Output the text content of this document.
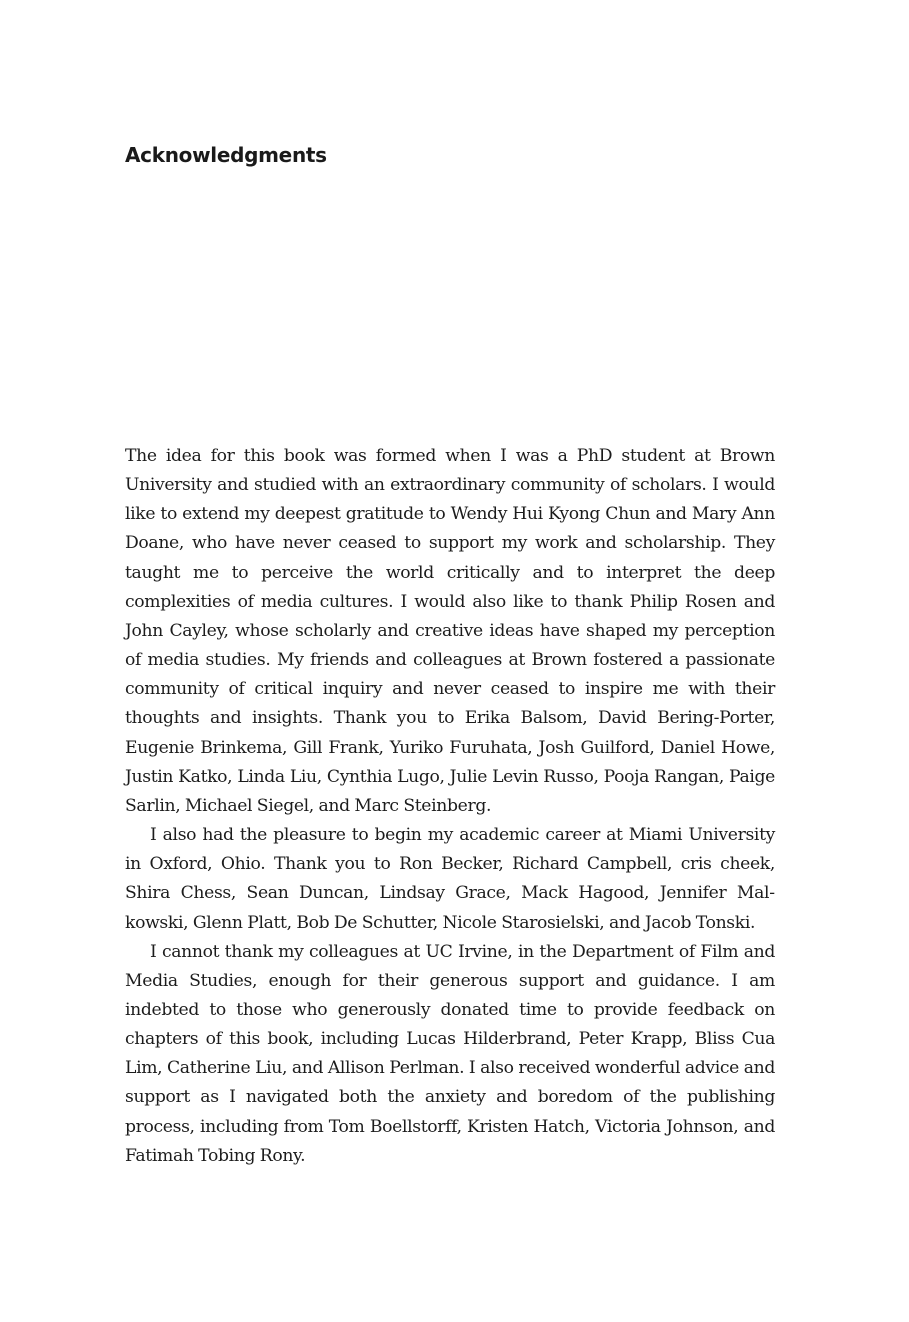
Acknowledgments

The idea for this book was formed when I was a PhD student at Brown University and studied with an extraordinary community of scholars. I would like to extend my deepest gratitude to Wendy Hui Kyong Chun and Mary Ann Doane, who have never ceased to support my work and scholarship. They taught me to perceive the world critically and to interpret the deep complexities of media cultures. I would also like to thank Philip Rosen and John Cayley, whose scholarly and creative ideas have shaped my perception of media studies. My friends and colleagues at Brown fostered a passionate community of critical inquiry and never ceased to inspire me with their thoughts and insights. Thank you to Erika Balsom, David Bering-Porter, Eugenie Brinkema, Gill Frank, Yuriko Furuhata, Josh Guilford, Daniel Howe, Justin Katko, Linda Liu, Cynthia Lugo, Julie Levin Russo, Pooja Rangan, Paige Sarlin, Michael Siegel, and Marc Steinberg.

I also had the pleasure to begin my academic career at Miami University in Oxford, Ohio. Thank you to Ron Becker, Richard Campbell, cris cheek, Shira Chess, Sean Duncan, Lindsay Grace, Mack Hagood, Jennifer Malkowski, Glenn Platt, Bob De Schutter, Nicole Starosielski, and Jacob Tonski.

I cannot thank my colleagues at UC Irvine, in the Department of Film and Media Studies, enough for their generous support and guidance. I am indebted to those who generously donated time to provide feedback on chapters of this book, including Lucas Hilderbrand, Peter Krapp, Bliss Cua Lim, Catherine Liu, and Allison Perlman. I also received wonderful advice and support as I navigated both the anxiety and boredom of the publishing process, including from Tom Boellstorff, Kristen Hatch, Victoria Johnson, and Fatimah Tobing Rony.
